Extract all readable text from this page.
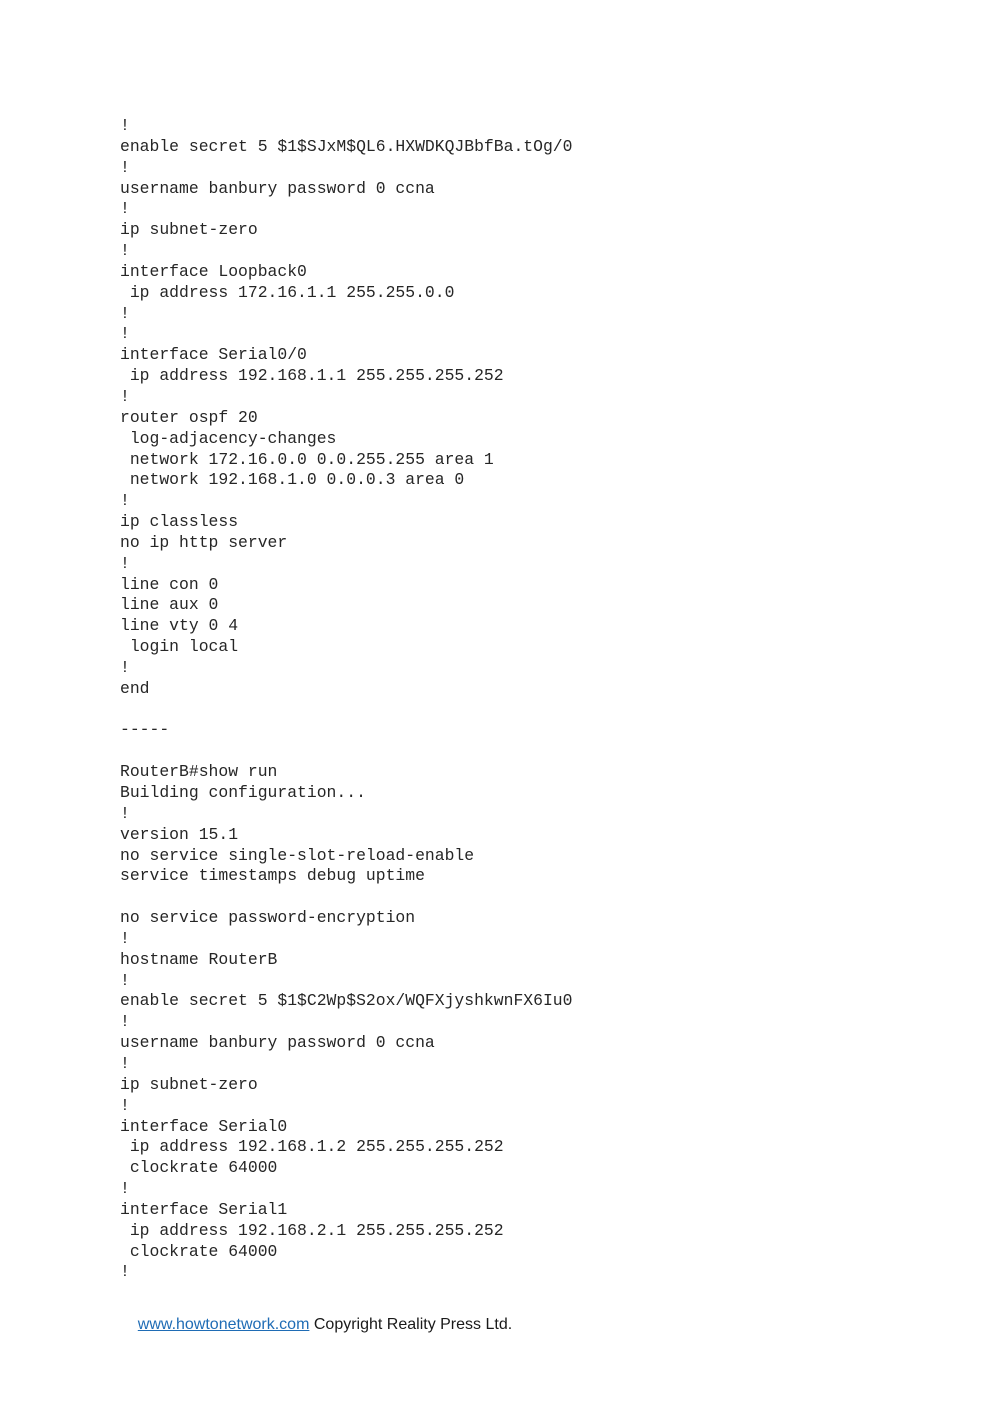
!
enable secret 5 $1$SJxM$QL6.HXWDKQJBbfBa.tOg/0
!
username banbury password 0 ccna
!
ip subnet-zero
!
interface Loopback0
ip address 172.16.1.1 255.255.0.0
!
!
interface Serial0/0
ip address 192.168.1.1 255.255.255.252
!
router ospf 20
log-adjacency-changes
network 172.16.0.0 0.0.255.255 area 1
network 192.168.1.0 0.0.0.3 area 0
!
ip classless
no ip http server
!
line con 0
line aux 0
line vty 0 4
login local
!
end

-----

RouterB#show run
Building configuration...
!
version 15.1
no service single-slot-reload-enable
service timestamps debug uptime

no service password-encryption
!
hostname RouterB
!
enable secret 5 $1$C2Wp$S2ox/WQFXjyshkwnFX6Iu0
!
username banbury password 0 ccna
!
ip subnet-zero
!
interface Serial0
ip address 192.168.1.2 255.255.255.252
clockrate 64000
!
interface Serial1
ip address 192.168.2.1 255.255.255.252
clockrate 64000
!

www.howtonetwork.com Copyright Reality Press Ltd.
